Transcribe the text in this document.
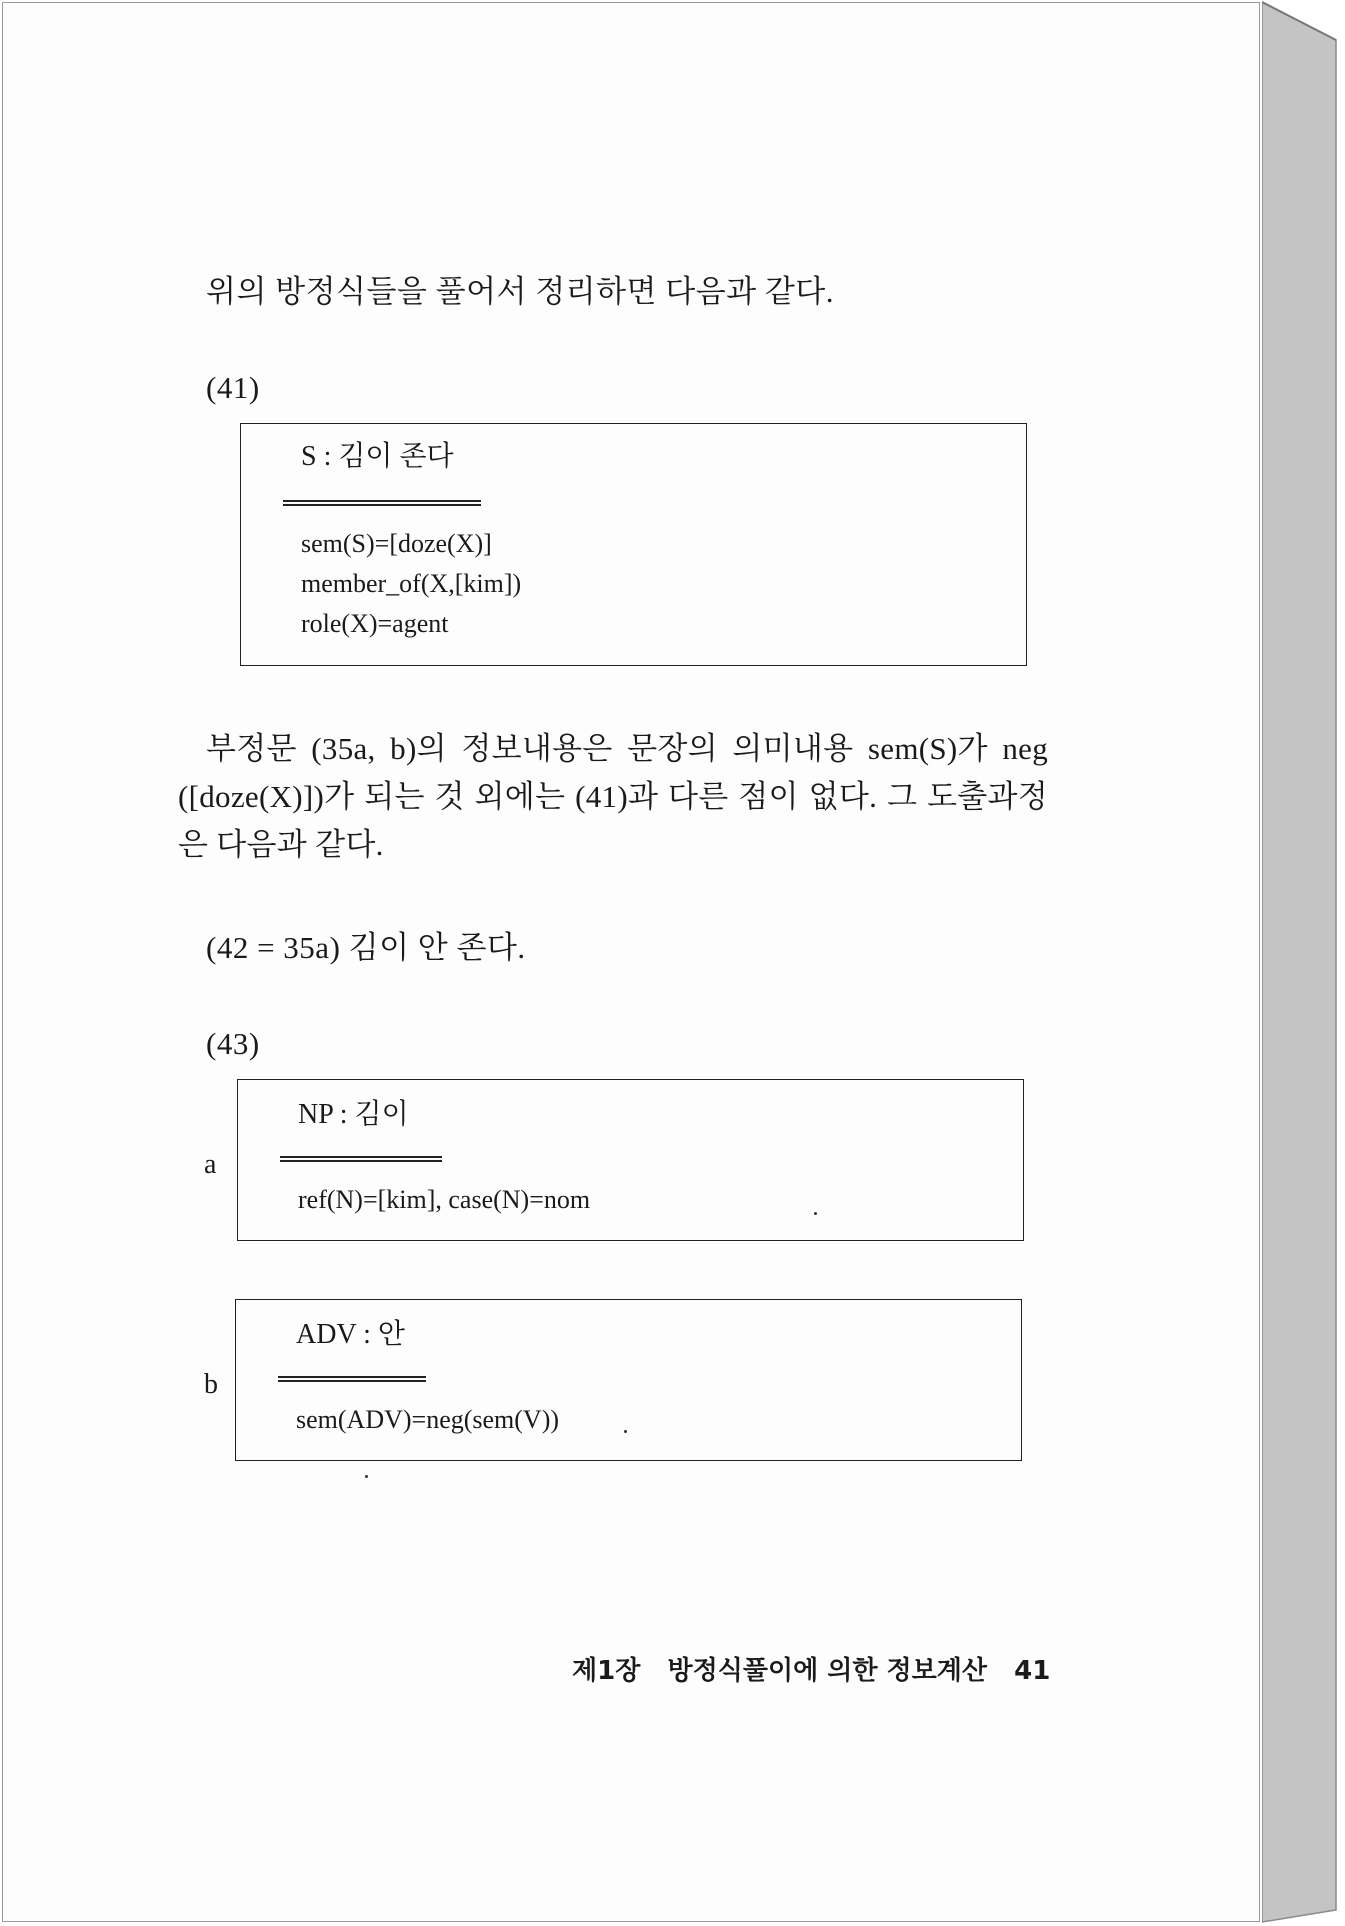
위의 방정식들을 풀어서 정리하면 다음과 같다.
(41)
S : 김이 존다
sem(S)=[doze(X)]
member_of(X,[kim])
role(X)=agent
부정문 (35a, b)의 정보내용은 문장의 의미내용 sem(S)가 neg ([doze(X)])가 되는 것 외에는 (41)과 다른 점이 없다. 그 도출과정은 다음과 같다.
(42 = 35a) 김이 안 존다.
(43)
a
NP : 김이
ref(N)=[kim], case(N)=nom
b
ADV : 안
sem(ADV)=neg(sem(V))
제1장 방정식풀이에 의한 정보계산 41
